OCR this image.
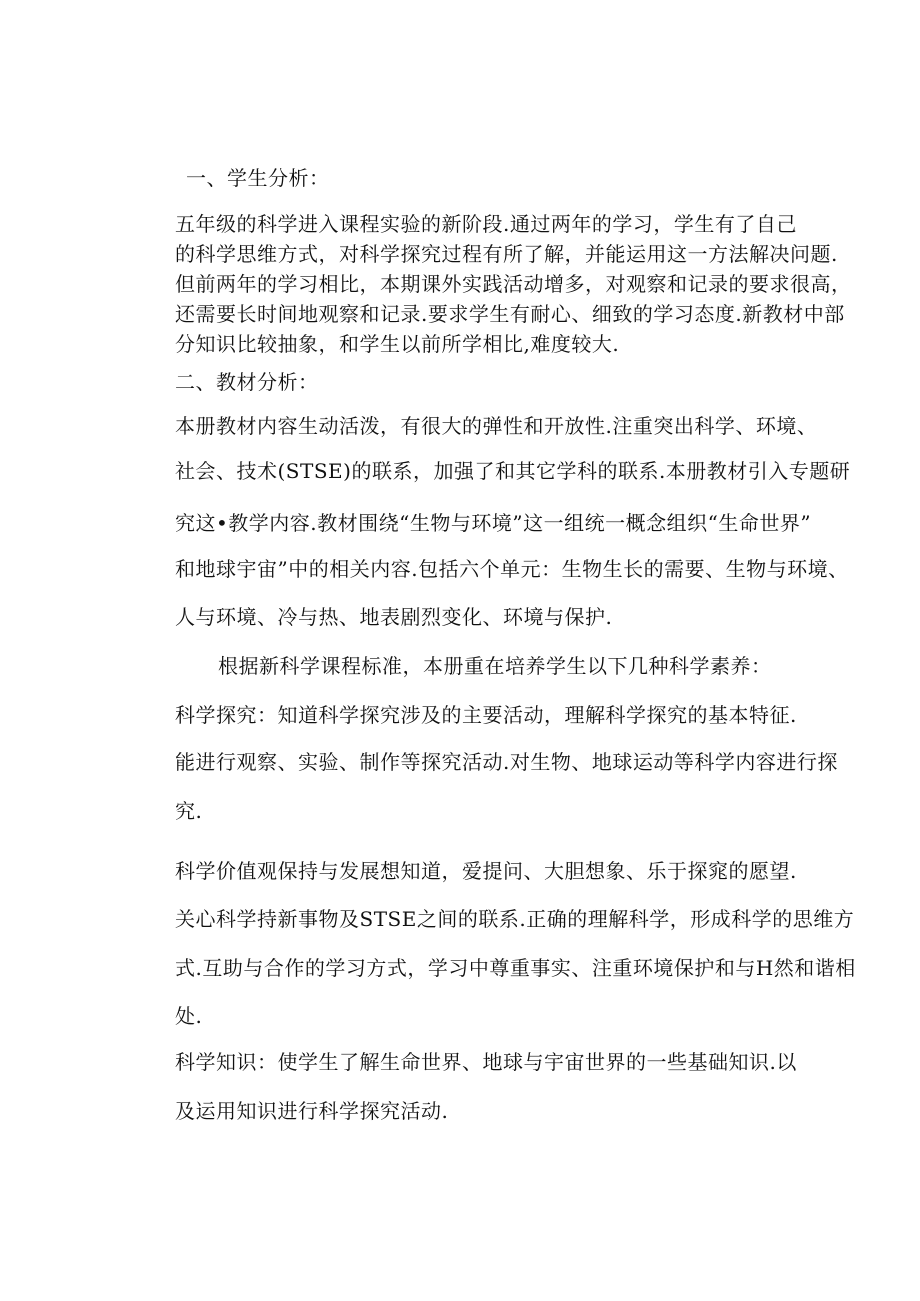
一、学生分析：
五年级的科学进入课程实验的新阶段.通过两年的学习，学生有了自己
的科学思维方式，对科学探究过程有所了解，并能运用这一方法解决问题.
但前两年的学习相比，本期课外实践活动增多，对观察和记录的要求很高，
还需要长时间地观察和记录.要求学生有耐心、细致的学习态度.新教材中部
分知识比较抽象，和学生以前所学相比,难度较大.
二、教材分析：
本册教材内容生动活泼，有很大的弹性和开放性.注重突出科学、环境、
社会、技术(STSE)的联系，加强了和其它学科的联系.本册教材引入专题研
究这•教学内容.教材围绕“生物与环境”这一组统一概念组织“生命世界”
和地球宇宙”中的相关内容.包括六个单元：生物生长的需要、生物与环境、
人与环境、冷与热、地表剧烈变化、环境与保护.
根据新科学课程标准，本册重在培养学生以下几种科学素养：
科学探究：知道科学探究涉及的主要活动，理解科学探究的基本特征.
能进行观察、实验、制作等探究活动.对生物、地球运动等科学内容进行探
究.
科学价值观保持与发展想知道，爱提问、大胆想象、乐于探窕的愿望.
关心科学持新事物及STSE之间的联系.正确的理解科学，形成科学的思维方
式.互助与合作的学习方式，学习中尊重事实、注重环境保护和与H然和谐相
处.
科学知识：使学生了解生命世界、地球与宇宙世界的一些基础知识.以
及运用知识进行科学探究活动.
